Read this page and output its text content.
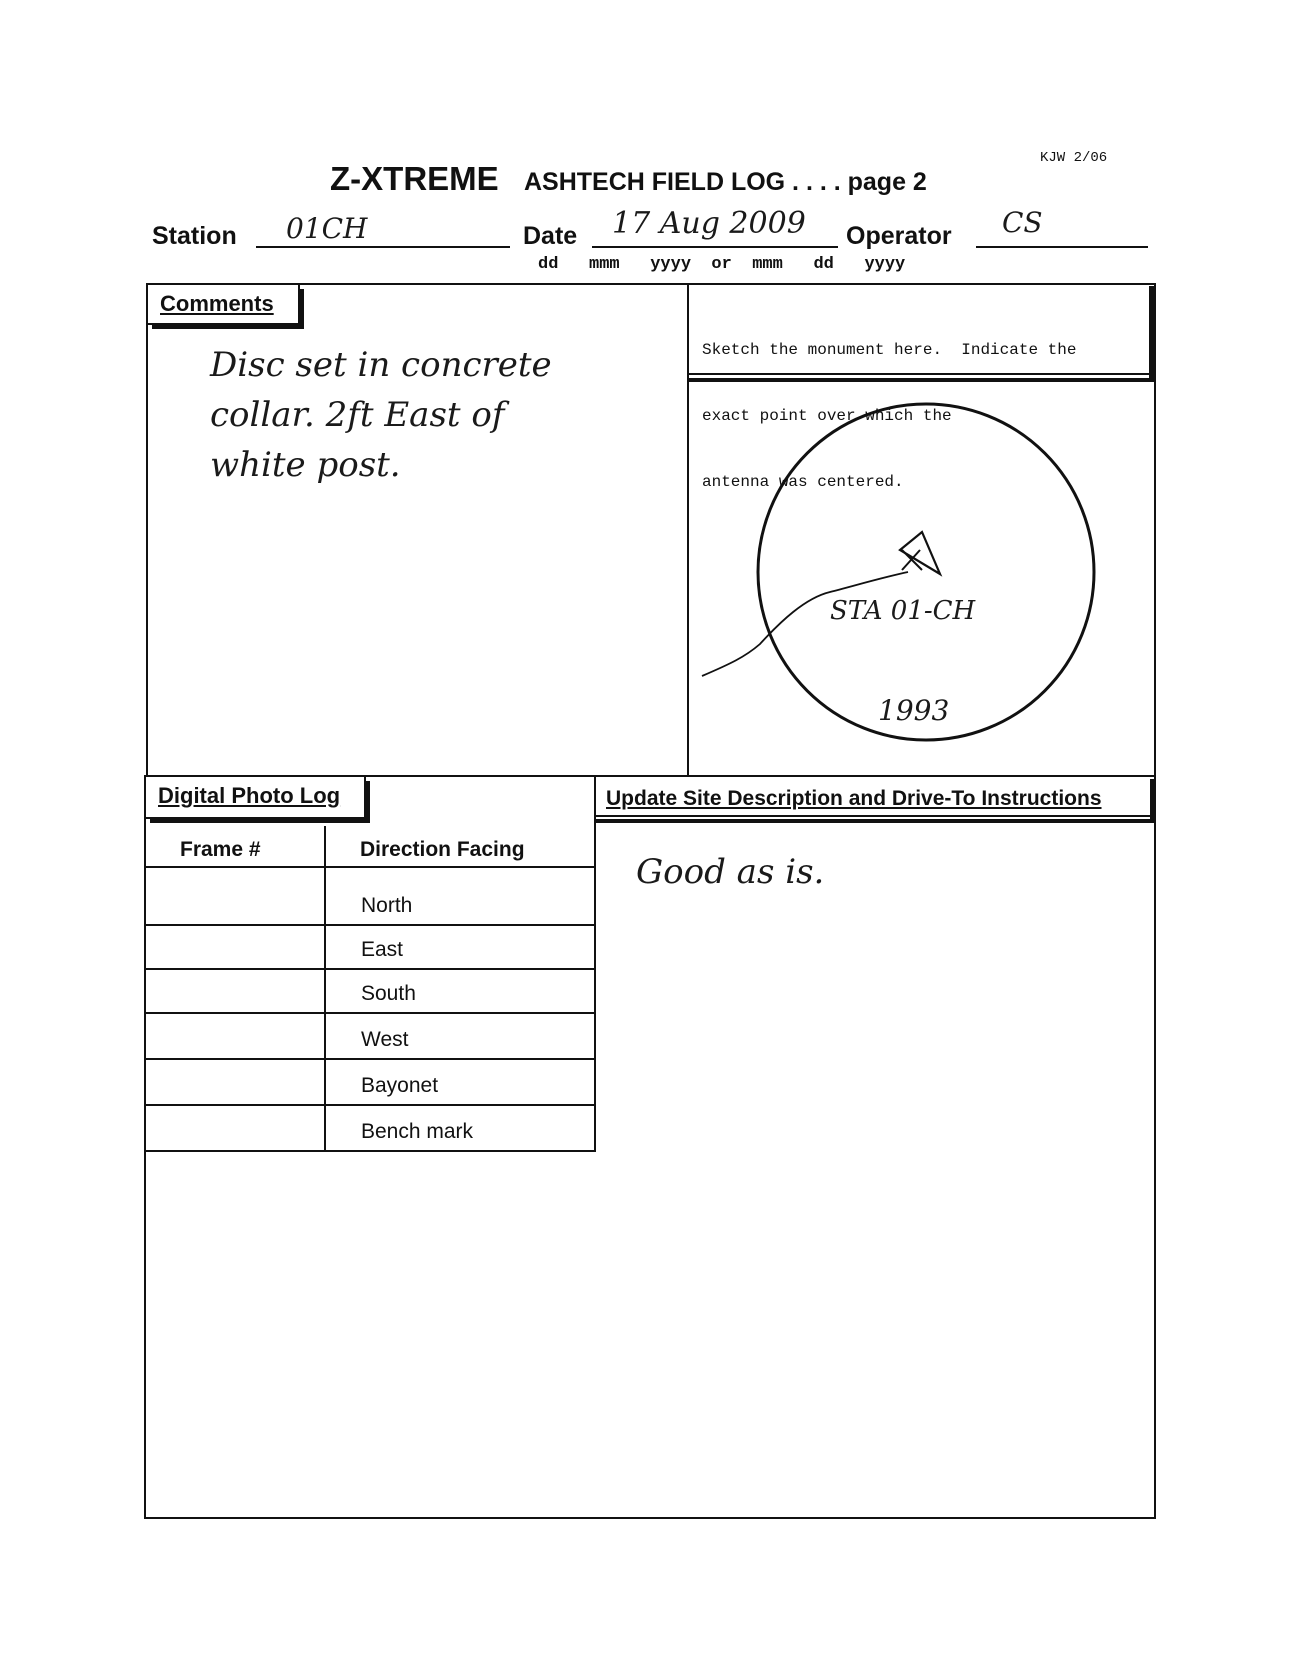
KJW 2/06
Z-XTREME ASHTECH FIELD LOG . . . . page 2
Station 01CH	Date 17 Aug 2009 Operator CS
dd   mmm   yyyy  or  mmm   dd   yyyy
Comments
Disc set in concrete
collar. 2ft East of
white post.

Sketch the monument here.  Indicate the

exact point over which the

antenna was centered.

STA 01-CH
1993
Digital Photo Log
Frame #	Direction Facing
North
East
South
West
Bayonet
Bench mark
Update Site Description and Drive-To Instructions
Good as is.
